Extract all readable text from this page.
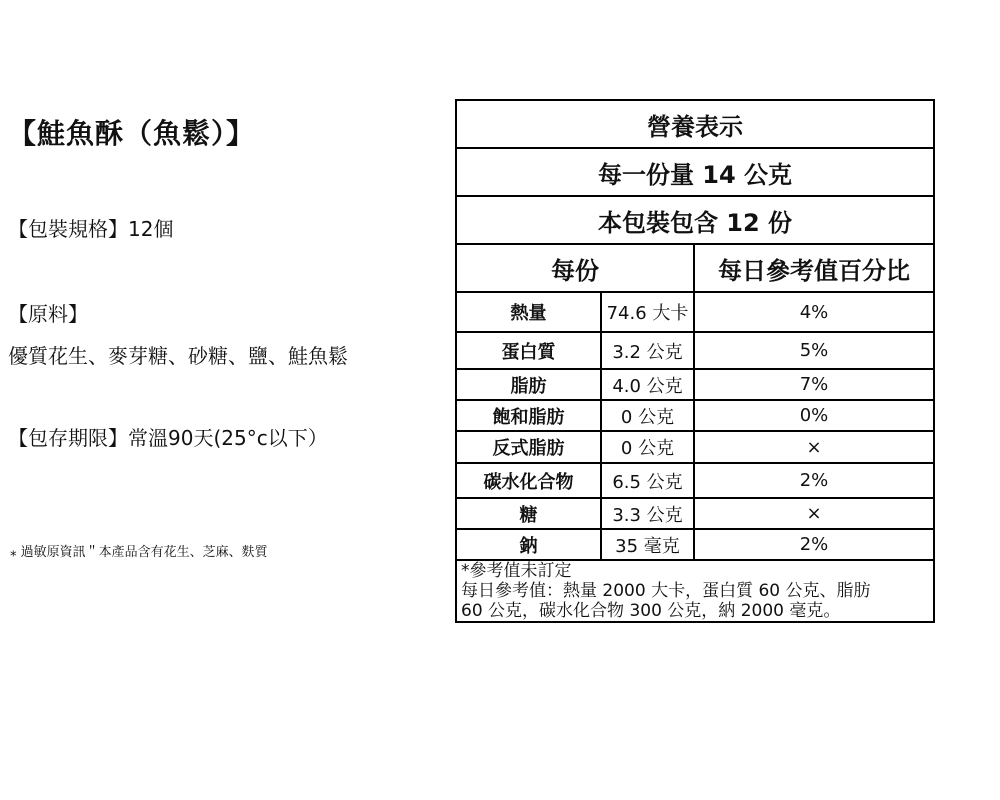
【鮭魚酥（魚鬆）】
【包裝規格】12個
【原料】
優質花生、麥芽糖、砂糖、鹽、鮭魚鬆
【包存期限】常溫90天(25°c以下）
⁎ 過敏原資訊＂本產品含有花生、芝麻、麩質
營養表示		
每一份量 14 公克		
本包裝包含 12 份		
每份		每日參考值百分比
熱量	74.6 大卡	4%
蛋白質	3.2 公克	5%
脂肪	4.0 公克	7%
飽和脂肪	0 公克	0%
反式脂肪	0 公克	×
碳水化合物	6.5 公克	2%
糖	3.3 公克	×
鈉	35 毫克	2%

*參考值未訂定
每日參考值：熱量 2000 大卡，蛋白質 60 公克、脂肪
60 公克，碳水化合物 300 公克，納 2000 毫克。		
